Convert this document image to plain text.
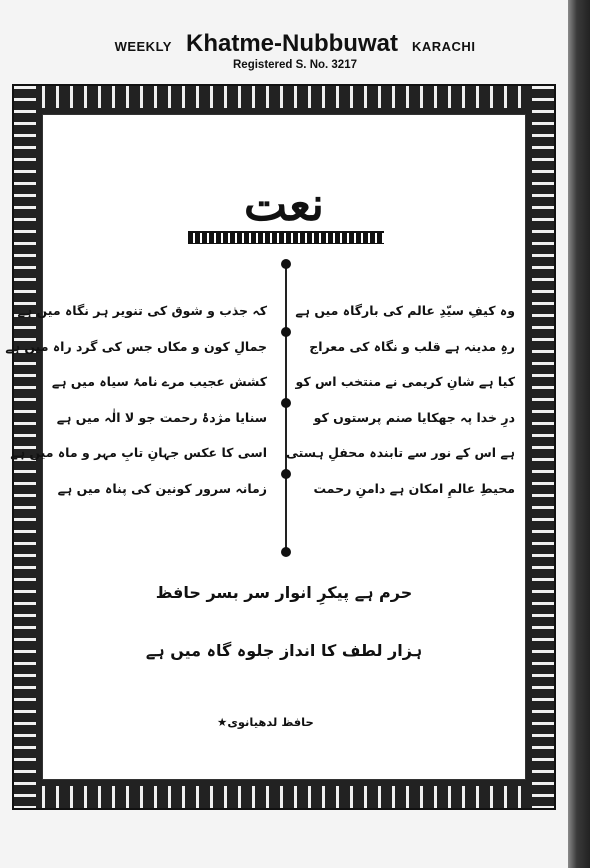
WEEKLY Khatme-Nubbuwat KARACHI
Registered S. No. 3217
نعت
وہ کیفِ سیّدِ عالم کی بارگاہ میں ہے
رہِ مدینہ ہے قلب و نگاہ کی معراج
کیا ہے شانِ کریمی نے منتخب اس کو
درِ خدا پہ جھکایا صنم پرستوں کو
ہے اس کے نور سے تابندہ محفلِ ہستی
محیطِ عالمِ امکان ہے دامنِ رحمت
کہ جذب و شوق کی تنویر ہر نگاہ میں ہے
جمالِ کون و مکاں جس کی گرد راہ میں ہے
کشش عجیب مرے نامۂ سیاہ میں ہے
سنایا مژدۂ رحمت جو لا الٰہ میں ہے
اسی کا عکس جہانِ تابِ مہر و ماہ میں ہے
زمانہ سرور کونین کی پناہ میں ہے
حرم ہے پیکرِ انوار سر بسر حافظ
ہزار لطف کا انداز جلوہ گاہ میں ہے
حافظ لدھیانوی★
